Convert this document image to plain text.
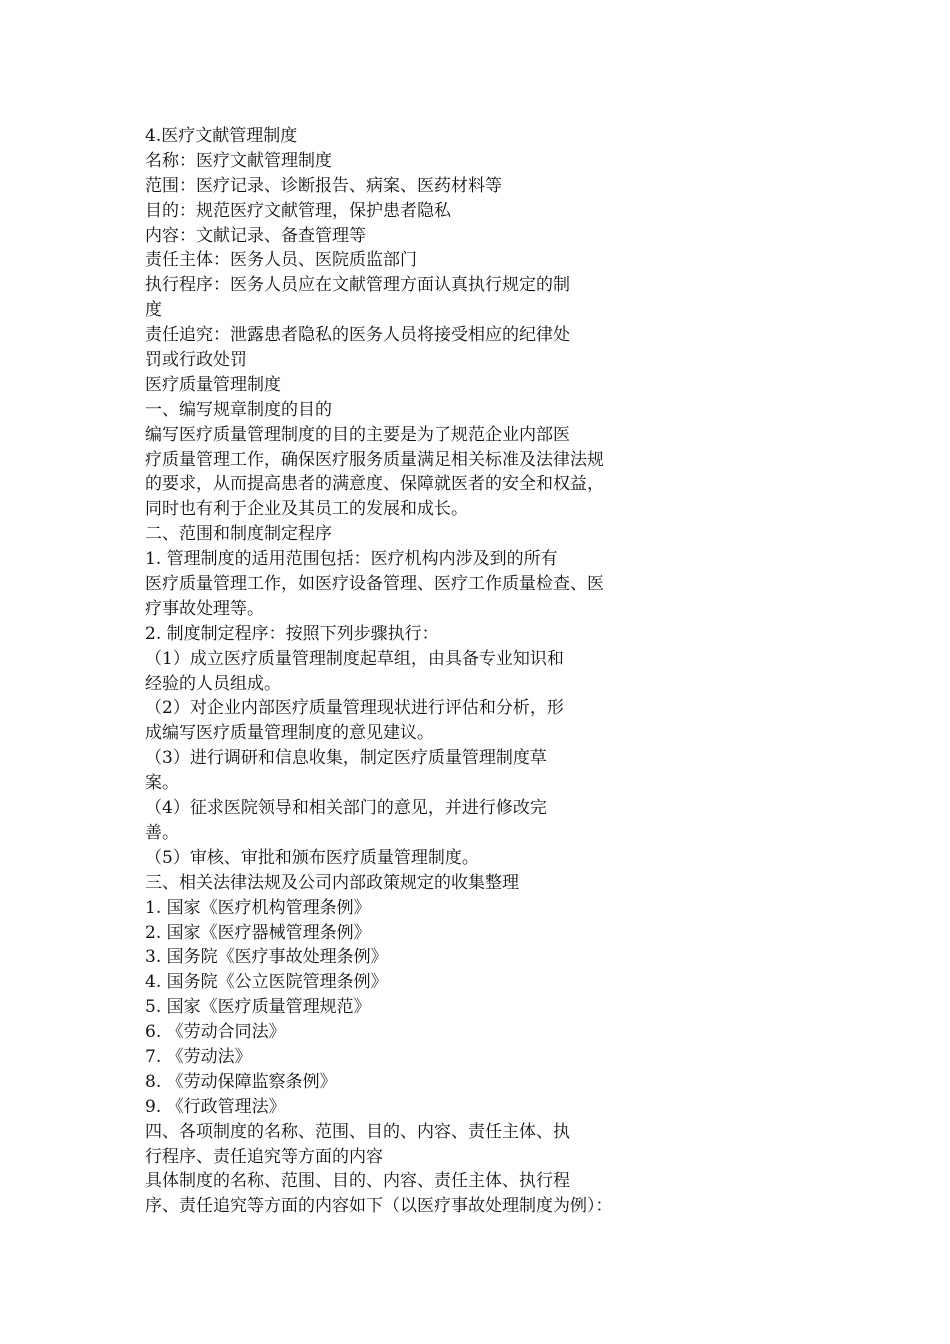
4.医疗文献管理制度
名称：医疗文献管理制度
范围：医疗记录、诊断报告、病案、医药材料等
目的：规范医疗文献管理，保护患者隐私
内容：文献记录、备查管理等
责任主体：医务人员、医院质监部门
执行程序：医务人员应在文献管理方面认真执行规定的制
度
责任追究：泄露患者隐私的医务人员将接受相应的纪律处
罚或行政处罚
医疗质量管理制度
一、编写规章制度的目的
编写医疗质量管理制度的目的主要是为了规范企业内部医
疗质量管理工作，确保医疗服务质量满足相关标准及法律法规
的要求，从而提高患者的满意度、保障就医者的安全和权益，
同时也有利于企业及其员工的发展和成长。
二、范围和制度制定程序
1. 管理制度的适用范围包括：医疗机构内涉及到的所有
医疗质量管理工作，如医疗设备管理、医疗工作质量检查、医
疗事故处理等。
2. 制度制定程序：按照下列步骤执行：
（1）成立医疗质量管理制度起草组，由具备专业知识和
经验的人员组成。
（2）对企业内部医疗质量管理现状进行评估和分析，形
成编写医疗质量管理制度的意见建议。
（3）进行调研和信息收集，制定医疗质量管理制度草
案。
（4）征求医院领导和相关部门的意见，并进行修改完
善。
（5）审核、审批和颁布医疗质量管理制度。
三、相关法律法规及公司内部政策规定的收集整理
1. 国家《医疗机构管理条例》
2. 国家《医疗器械管理条例》
3. 国务院《医疗事故处理条例》
4. 国务院《公立医院管理条例》
5. 国家《医疗质量管理规范》
6. 《劳动合同法》
7. 《劳动法》
8. 《劳动保障监察条例》
9. 《行政管理法》
四、各项制度的名称、范围、目的、内容、责任主体、执
行程序、责任追究等方面的内容
具体制度的名称、范围、目的、内容、责任主体、执行程
序、责任追究等方面的内容如下（以医疗事故处理制度为例）：
